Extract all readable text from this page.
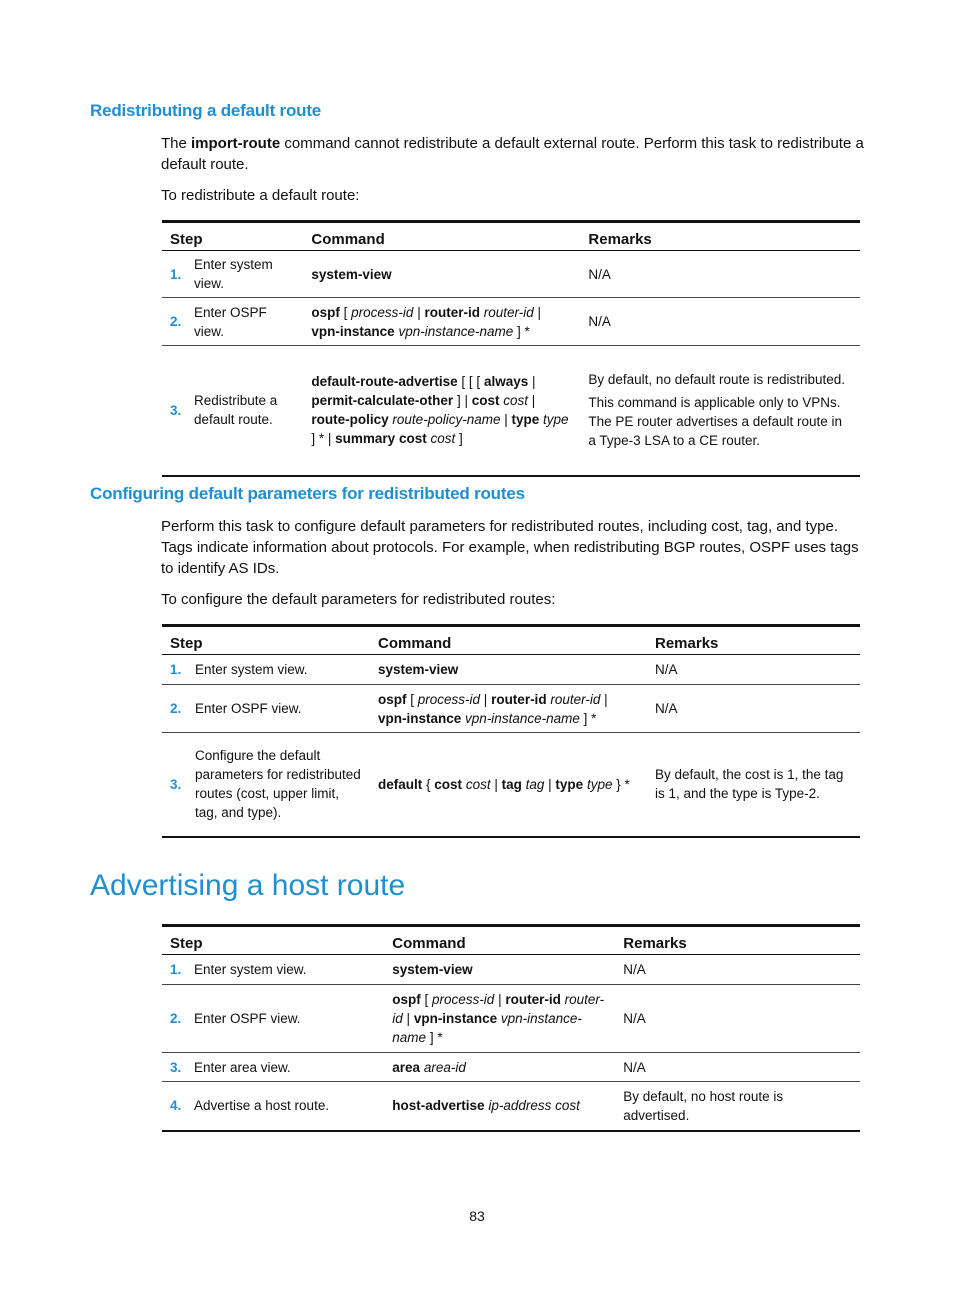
Redistributing a default route

The import-route command cannot redistribute a default external route. Perform this task to redistribute a default route.

To redistribute a default route:

Step		Command	Remarks
1.	Enter system view.	system-view	N/A

2.	Enter OSPF view.	ospf [ process-id | router-id router-id | vpn-instance vpn-instance-name ] *	N/A

3.	Redistribute a default route.	default-route-advertise [ [ [ always | permit-calculate-other ] | cost cost | route-policy route-policy-name | type type ] * | summary cost cost ]	By default, no default route is redistributed.

This command is applicable only to VPNs. The PE router advertises a default route in a Type-3 LSA to a CE router.

Configuring default parameters for redistributed routes

Perform this task to configure default parameters for redistributed routes, including cost, tag, and type. Tags indicate information about protocols. For example, when redistributing BGP routes, OSPF uses tags to identify AS IDs.

To configure the default parameters for redistributed routes:

Step		Command	Remarks
1.	Enter system view.	system-view	N/A

2.	Enter OSPF view.	ospf [ process-id | router-id router-id | vpn-instance vpn-instance-name ] *	N/A

3.	Configure the default parameters for redistributed routes (cost, upper limit, tag, and type).	default { cost cost | tag tag | type type } *	By default, the cost is 1, the tag is 1, and the type is Type-2.

Advertising a host route
Step		Command	Remarks
1.	Enter system view.	system-view	N/A

2.	Enter OSPF view.	ospf [ process-id | router-id router-id | vpn-instance vpn-instance-name ] *	N/A

3.	Enter area view.	area area-id	N/A

4.	Advertise a host route.	host-advertise ip-address cost	By default, no host route is advertised.

83
